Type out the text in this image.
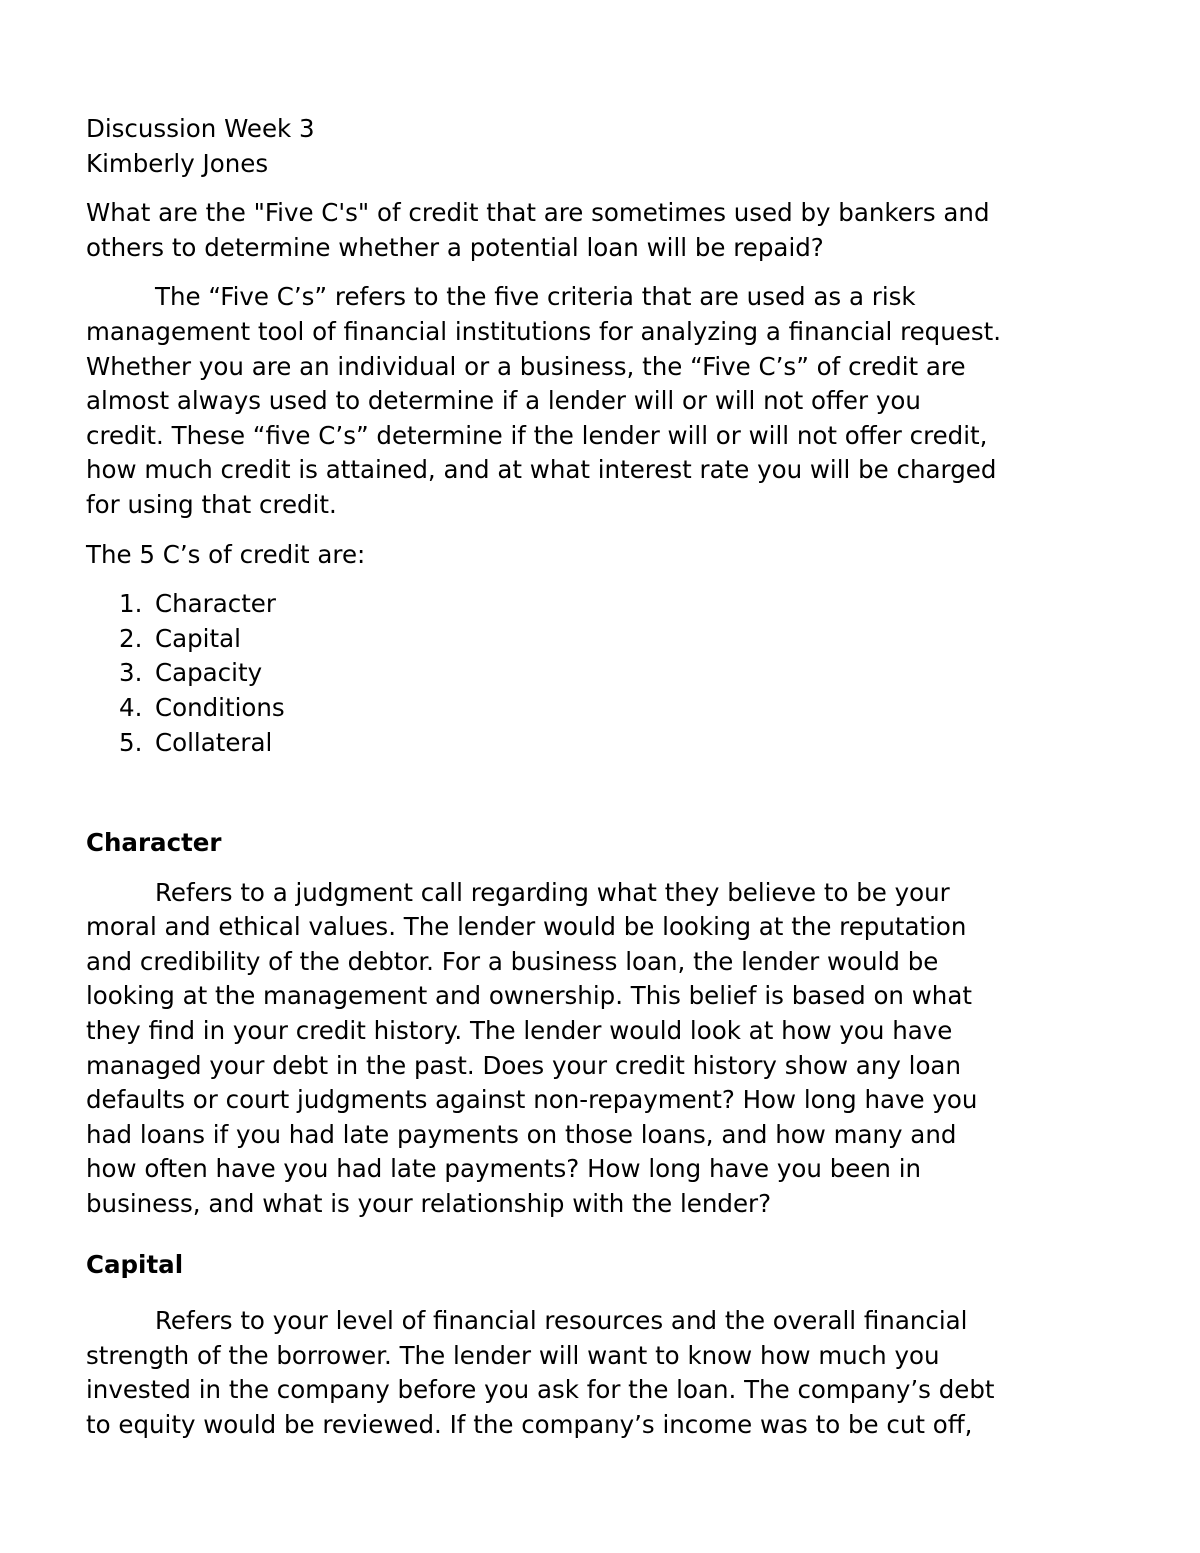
Discussion Week 3
Kimberly Jones
What are the "Five C's" of credit that are sometimes used by bankers and
others to determine whether a potential loan will be repaid?
The “Five C’s” refers to the five criteria that are used as a risk
management tool of financial institutions for analyzing a financial request.
Whether you are an individual or a business, the “Five C’s” of credit are
almost always used to determine if a lender will or will not offer you
credit. These “five C’s” determine if the lender will or will not offer credit,
how much credit is attained, and at what interest rate you will be charged
for using that credit.
The 5 C’s of credit are:
1. Character
2. Capital
3. Capacity
4. Conditions
5. Collateral
Character
Refers to a judgment call regarding what they believe to be your
moral and ethical values. The lender would be looking at the reputation
and credibility of the debtor. For a business loan, the lender would be
looking at the management and ownership. This belief is based on what
they find in your credit history. The lender would look at how you have
managed your debt in the past. Does your credit history show any loan
defaults or court judgments against non-repayment? How long have you
had loans if you had late payments on those loans, and how many and
how often have you had late payments? How long have you been in
business, and what is your relationship with the lender?
Capital
Refers to your level of financial resources and the overall financial
strength of the borrower. The lender will want to know how much you
invested in the company before you ask for the loan. The company’s debt
to equity would be reviewed. If the company’s income was to be cut off,
